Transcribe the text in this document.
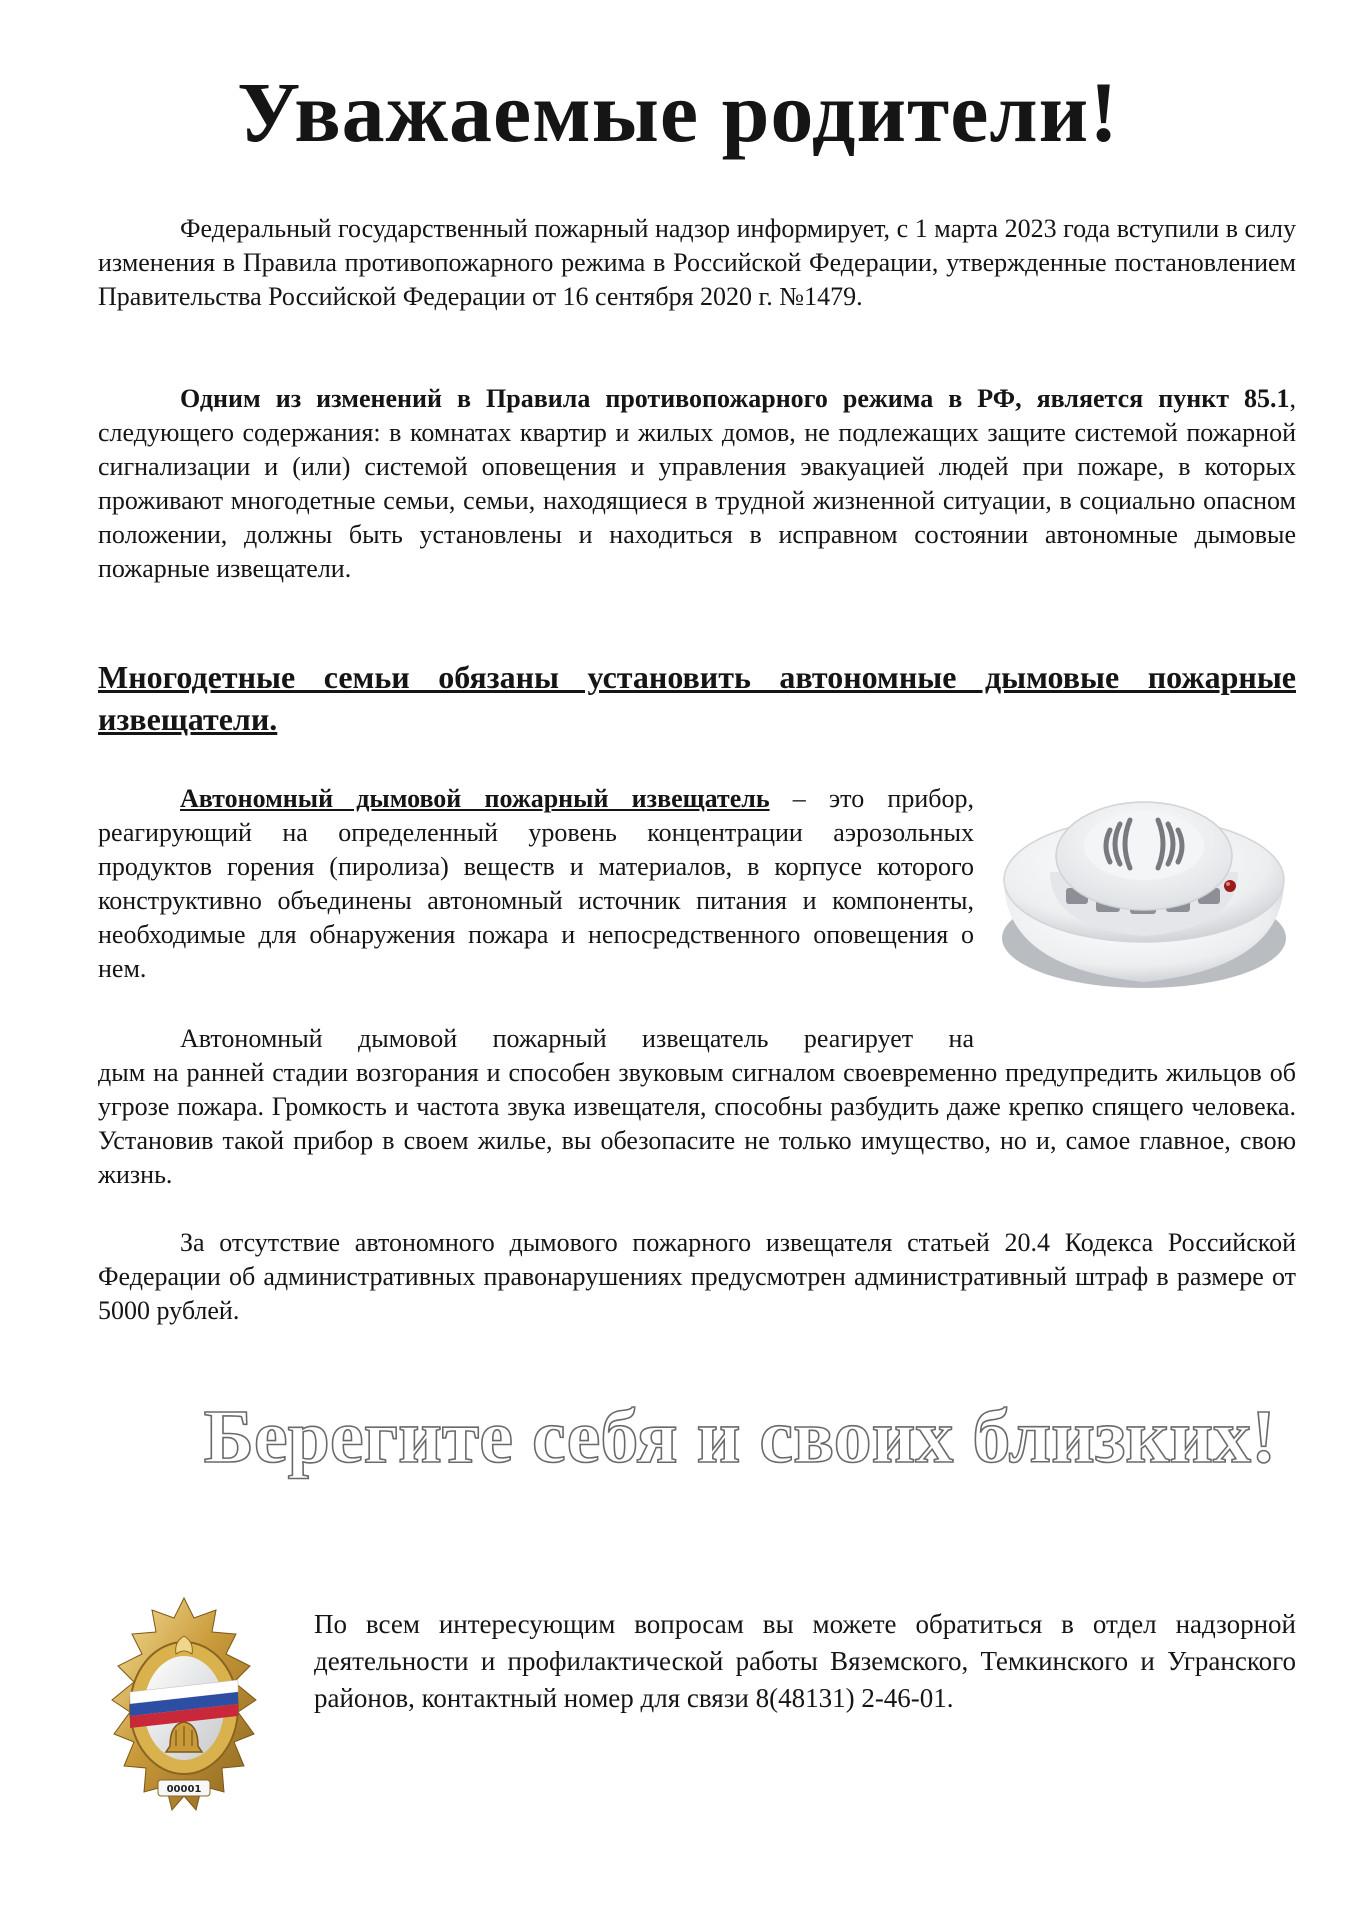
Уважаемые родители!

Федеральный государственный пожарный надзор информирует, с 1 марта 2023 года вступили в силу изменения в Правила противопожарного режима в Российской Федерации, утвержденные постановлением Правительства Российской Федерации от 16 сентября 2020 г. №1479.

Одним из изменений в Правила противопожарного режима в РФ, является пункт 85.1, следующего содержания: в комнатах квартир и жилых домов, не подлежащих защите системой пожарной сигнализации и (или) системой оповещения и управления эвакуацией людей при пожаре, в которых проживают многодетные семьи, семьи, находящиеся в трудной жизненной ситуации, в социально опасном положении, должны быть установлены и находиться в исправном состоянии автономные дымовые пожарные извещатели.

Многодетные семьи обязаны установить автономные дымовые пожарные извещатели.

Автономный дымовой пожарный извещатель – это прибор, реагирующий на определенный уровень концентрации аэрозольных продуктов горения (пиролиза) веществ и материалов, в корпусе которого конструктивно объединены автономный источник питания и компоненты, необходимые для обнаружения пожара и непосредственного оповещения о нем.

Автономный дымовой пожарный извещатель реагирует на
дым на ранней стадии возгорания и способен звуковым сигналом своевременно предупредить жильцов об угрозе пожара. Громкость и частота звука извещателя, способны разбудить даже крепко спящего человека. Установив такой прибор в своем жилье, вы обезопасите не только имущество, но и, самое главное, свою жизнь.

За отсутствие автономного дымового пожарного извещателя статьей 20.4 Кодекса Российской Федерации об административных правонарушениях предусмотрен административный штраф в размере от 5000 рублей.

Берегите себя и своих близких!

00001

По всем интересующим вопросам вы можете обратиться в отдел надзорной деятельности и профилактической работы Вяземского, Темкинского и Угранского районов, контактный номер для связи 8(48131) 2-46-01.
